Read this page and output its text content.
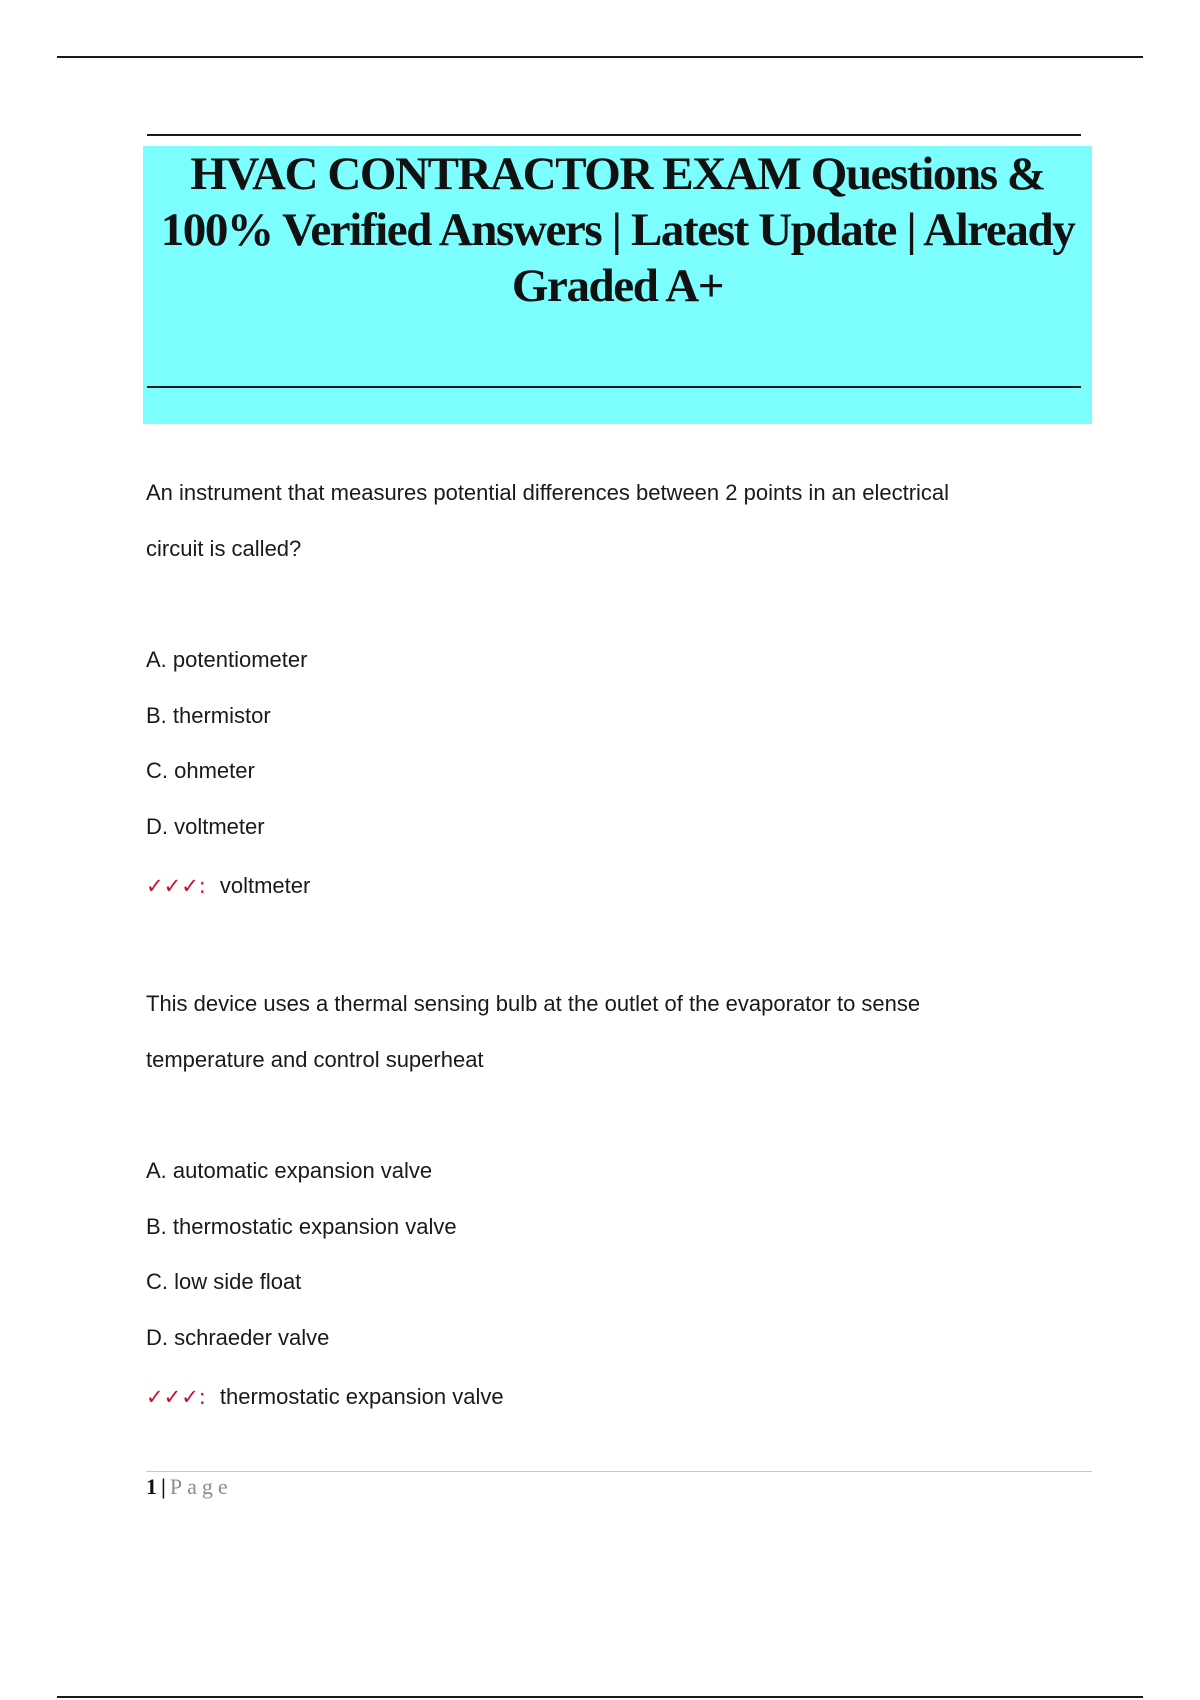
HVAC CONTRACTOR EXAM Questions &
100% Verified Answers | Latest Update | Already
Graded A+
An instrument that measures potential differences between 2 points in an electrical
circuit is called?
A. potentiometer
B. thermistor
C. ohmeter
D. voltmeter
✓✓✓: voltmeter
This device uses a thermal sensing bulb at the outlet of the evaporator to sense
temperature and control superheat
A. automatic expansion valve
B. thermostatic expansion valve
C. low side float
D. schraeder valve
✓✓✓: thermostatic expansion valve
1 | Page
